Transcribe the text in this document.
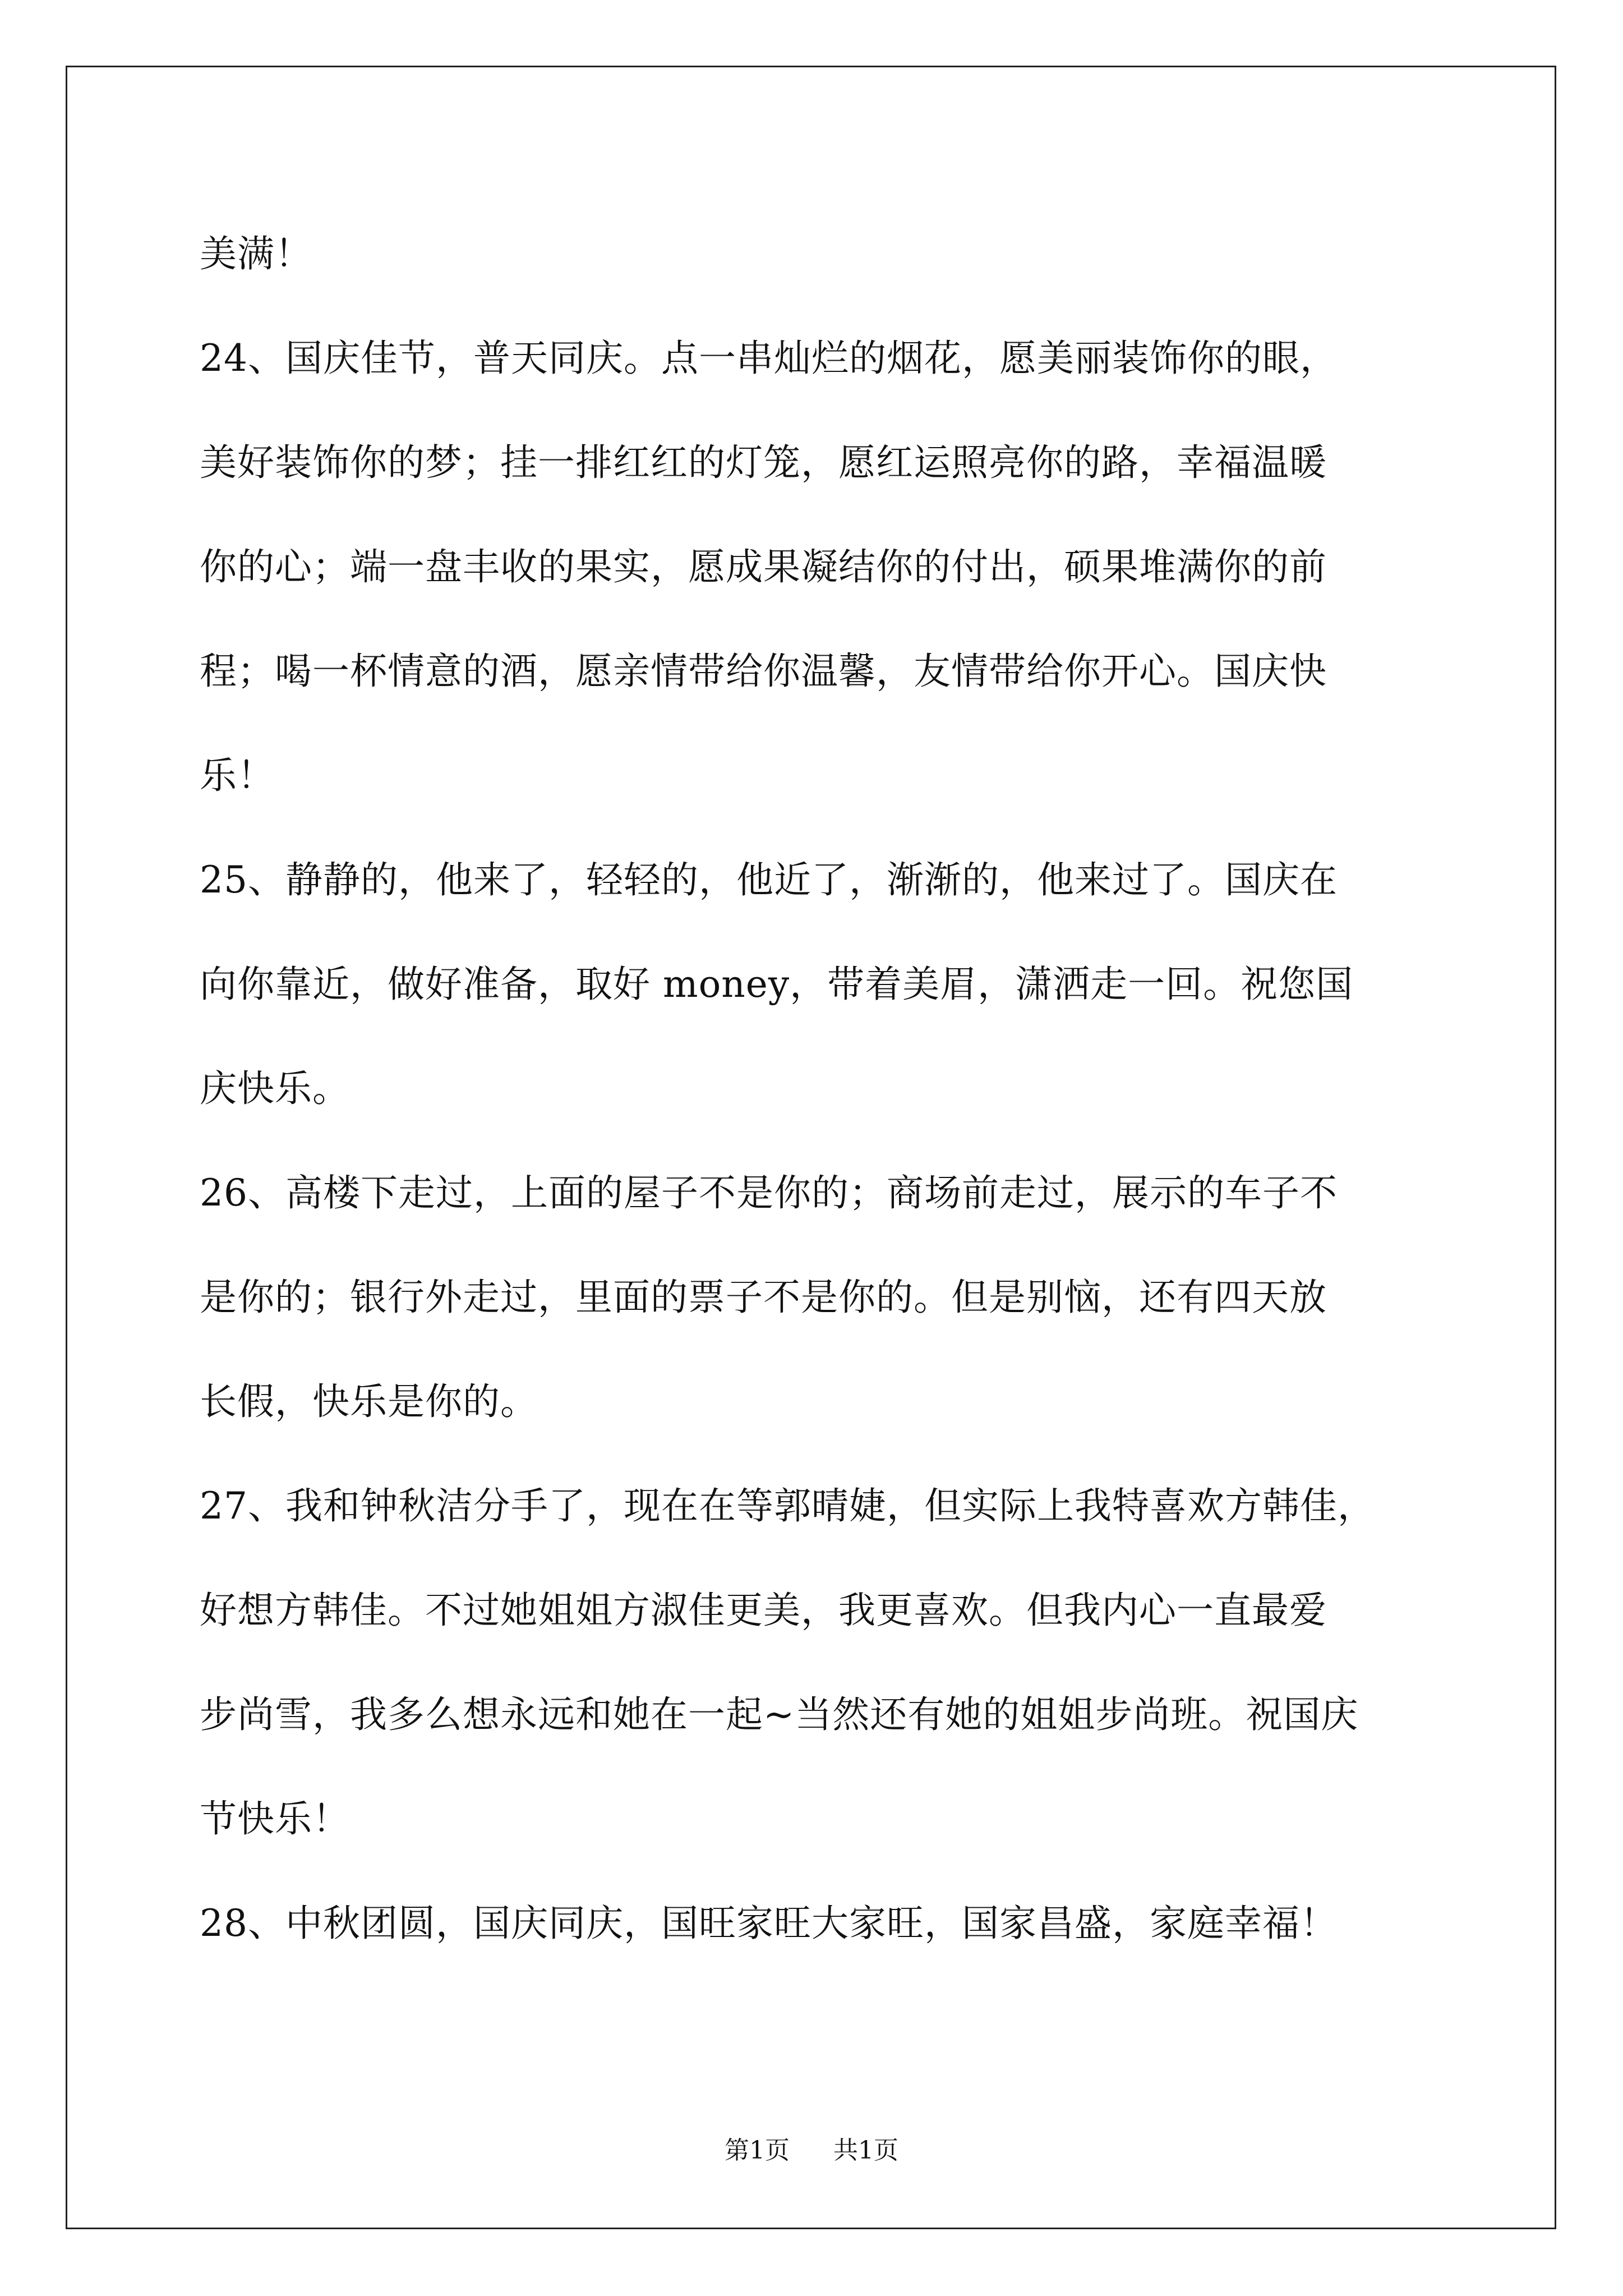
美满！
24、国庆佳节，普天同庆。点一串灿烂的烟花，愿美丽装饰你的眼，
美好装饰你的梦；挂一排红红的灯笼，愿红运照亮你的路，幸福温暖
你的心；端一盘丰收的果实，愿成果凝结你的付出，硕果堆满你的前
程；喝一杯情意的酒，愿亲情带给你温馨，友情带给你开心。国庆快
乐！
25、静静的，他来了，轻轻的，他近了，渐渐的，他来过了。国庆在
向你靠近，做好准备，取好 money，带着美眉，潇洒走一回。祝您国
庆快乐。
26、高楼下走过，上面的屋子不是你的；商场前走过，展示的车子不
是你的；银行外走过，里面的票子不是你的。但是别恼，还有四天放
长假，快乐是你的。
27、我和钟秋洁分手了，现在在等郭晴婕，但实际上我特喜欢方韩佳，
好想方韩佳。不过她姐姐方淑佳更美，我更喜欢。但我内心一直最爱
步尚雪，我多么想永远和她在一起~当然还有她的姐姐步尚班。祝国庆
节快乐！
28、中秋团圆，国庆同庆，国旺家旺大家旺，国家昌盛，家庭幸福！
第1页 共1页
